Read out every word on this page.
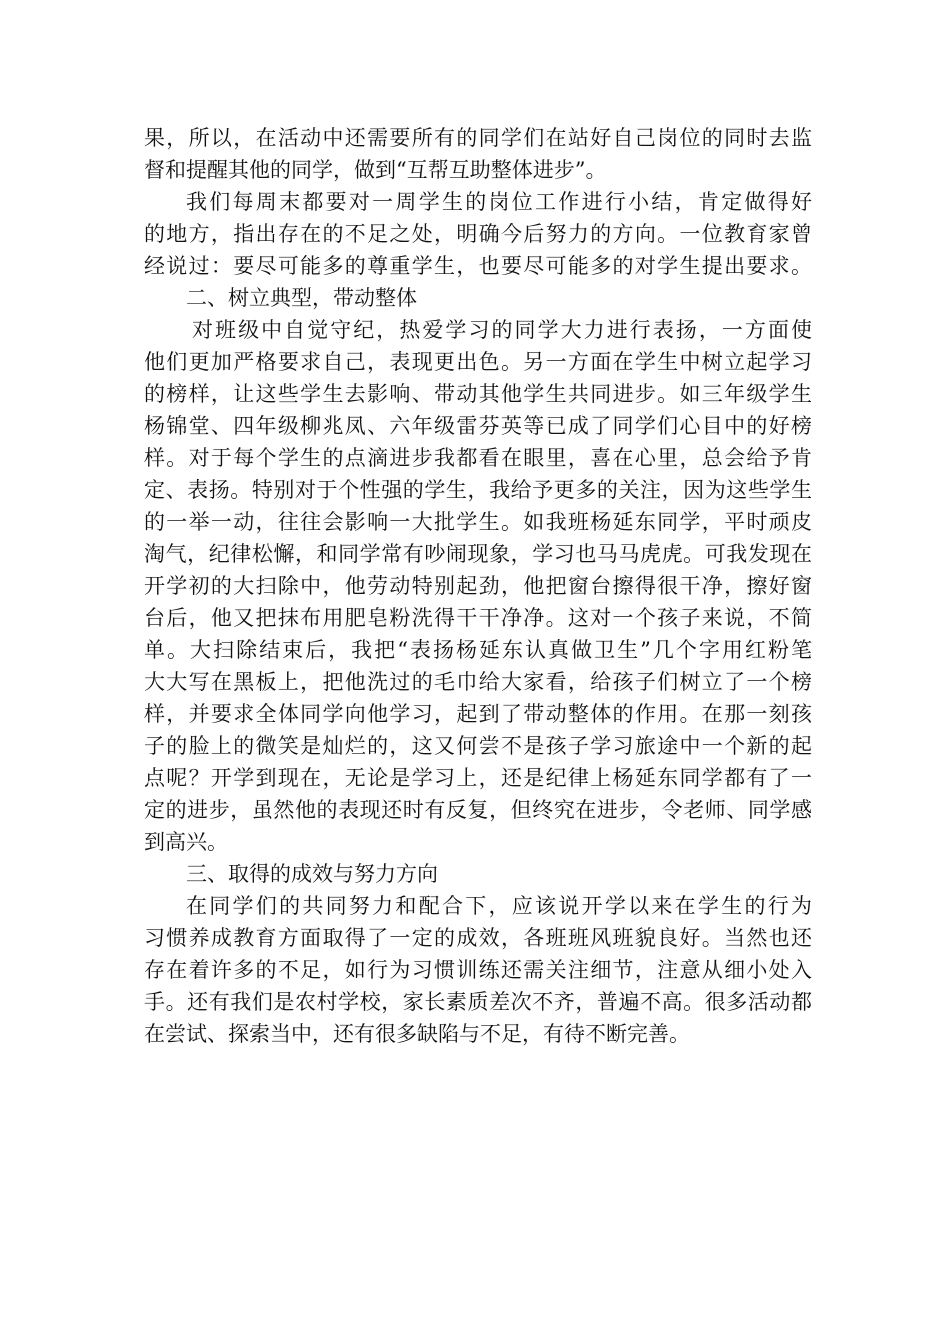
果，所以，在活动中还需要所有的同学们在站好自己岗位的同时去监
督和提醒其他的同学，做到“互帮互助整体进步”。
我们每周末都要对一周学生的岗位工作进行小结，肯定做得好
的地方，指出存在的不足之处，明确今后努力的方向。一位教育家曾
经说过：要尽可能多的尊重学生，也要尽可能多的对学生提出要求。
二、树立典型，带动整体
对班级中自觉守纪，热爱学习的同学大力进行表扬，一方面使
他们更加严格要求自己，表现更出色。另一方面在学生中树立起学习
的榜样，让这些学生去影响、带动其他学生共同进步。如三年级学生
杨锦堂、四年级柳兆凤、六年级雷芬英等已成了同学们心目中的好榜
样。对于每个学生的点滴进步我都看在眼里，喜在心里，总会给予肯
定、表扬。特别对于个性强的学生，我给予更多的关注，因为这些学生
的一举一动，往往会影响一大批学生。如我班杨延东同学，平时顽皮
淘气，纪律松懈，和同学常有吵闹现象，学习也马马虎虎。可我发现在
开学初的大扫除中，他劳动特别起劲，他把窗台擦得很干净，擦好窗
台后，他又把抹布用肥皂粉洗得干干净净。这对一个孩子来说，不简
单。大扫除结束后，我把“表扬杨延东认真做卫生”几个字用红粉笔
大大写在黑板上，把他洗过的毛巾给大家看，给孩子们树立了一个榜
样，并要求全体同学向他学习，起到了带动整体的作用。在那一刻孩
子的脸上的微笑是灿烂的，这又何尝不是孩子学习旅途中一个新的起
点呢？开学到现在，无论是学习上，还是纪律上杨延东同学都有了一
定的进步，虽然他的表现还时有反复，但终究在进步，令老师、同学感
到高兴。
三、取得的成效与努力方向
在同学们的共同努力和配合下，应该说开学以来在学生的行为
习惯养成教育方面取得了一定的成效，各班班风班貌良好。当然也还
存在着许多的不足，如行为习惯训练还需关注细节，注意从细小处入
手。还有我们是农村学校，家长素质差次不齐，普遍不高。很多活动都
在尝试、探索当中，还有很多缺陷与不足，有待不断完善。
